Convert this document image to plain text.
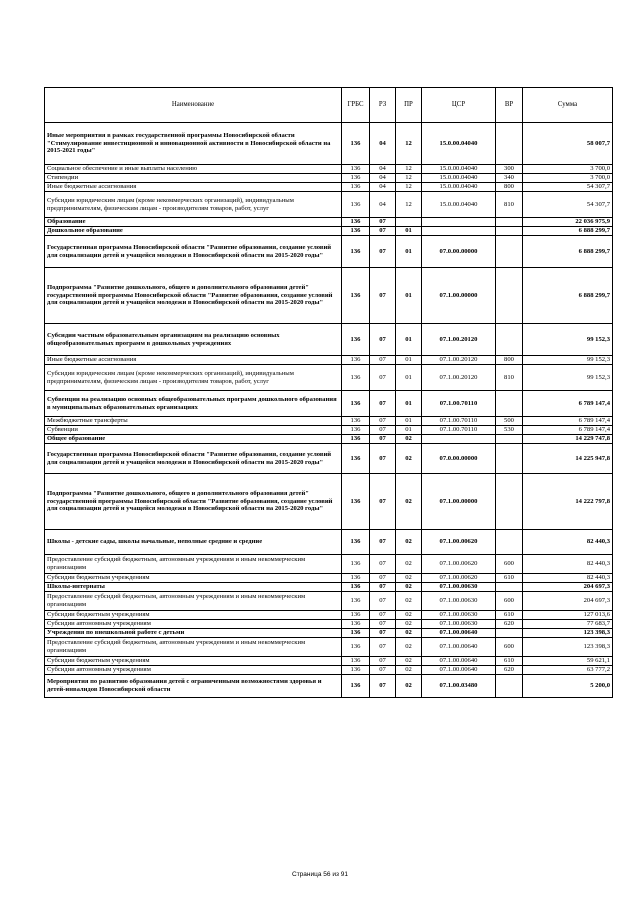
Наименование	ГРБС	РЗ	ПР	ЦСР	ВР	Сумма
Иные мероприятия в рамках государственной программы Новосибирской области "Стимулирование инвестиционной и инновационной активности в Новосибирской области на 2015-2021 годы"	136	04	12	15.0.00.04040		58 007,7
Социальное обеспечение и иные выплаты населению	136	04	12	15.0.00.04040	300	3 700,0
Стипендии	136	04	12	15.0.00.04040	340	3 700,0
Иные бюджетные ассигнования	136	04	12	15.0.00.04040	800	54 307,7
Субсидии юридическим лицам (кроме некоммерческих организаций), индивидуальным предпринимателям, физическим лицам - производителям товаров, работ, услуг	136	04	12	15.0.00.04040	810	54 307,7
Образование	136	07				22 036 975,9
Дошкольное образование	136	07	01			6 888 299,7
Государственная программа Новосибирской области "Развитие образования, создание условий для социализации детей и учащейся молодежи в Новосибирской области на 2015-2020 годы"	136	07	01	07.0.00.00000		6 888 299,7
Подпрограмма "Развитие дошкольного, общего и дополнительного образования детей" государственной программы Новосибирской области "Развитие образования, создание условий для социализации детей и учащейся молодежи в Новосибирской области на 2015-2020 годы"	136	07	01	07.1.00.00000		6 888 299,7
Субсидии частным образовательным организациям на реализацию основных общеобразовательных программ в дошкольных учреждениях	136	07	01	07.1.00.20120		99 152,3
Иные бюджетные ассигнования	136	07	01	07.1.00.20120	800	99 152,3
Субсидии юридическим лицам (кроме некоммерческих организаций), индивидуальным предпринимателям, физическим лицам - производителям товаров, работ, услуг	136	07	01	07.1.00.20120	810	99 152,3
Субвенции на реализацию основных общеобразовательных программ дошкольного образования в муниципальных образовательных организациях	136	07	01	07.1.00.70110		6 789 147,4
Межбюджетные трансферты	136	07	01	07.1.00.70110	500	6 789 147,4
Субвенции	136	07	01	07.1.00.70110	530	6 789 147,4
Общее образование	136	07	02			14 229 747,8
Государственная программа Новосибирской области "Развитие образования, создание условий для социализации детей и учащейся молодежи в Новосибирской области на 2015-2020 годы"	136	07	02	07.0.00.00000		14 225 947,8
Подпрограмма "Развитие дошкольного, общего и дополнительного образования детей" государственной программы Новосибирской области "Развитие образования, создание условий для социализации детей и учащейся молодежи в Новосибирской области на 2015-2020 годы"	136	07	02	07.1.00.00000		14 222 797,8
Школы - детские сады, школы начальные, неполные средние и средние	136	07	02	07.1.00.00620		82 440,3
Предоставление субсидий бюджетным, автономным учреждениям и иным некоммерческим организациям	136	07	02	07.1.00.00620	600	82 440,3
Субсидии бюджетным учреждениям	136	07	02	07.1.00.00620	610	82 440,3
Школы-интернаты	136	07	02	07.1.00.00630		204 697,3
Предоставление субсидий бюджетным, автономным учреждениям и иным некоммерческим организациям	136	07	02	07.1.00.00630	600	204 697,3
Субсидии бюджетным учреждениям	136	07	02	07.1.00.00630	610	127 013,6
Субсидии автономным учреждениям	136	07	02	07.1.00.00630	620	77 683,7
Учреждения по внешкольной работе с детьми	136	07	02	07.1.00.00640		123 398,3
Предоставление субсидий бюджетным, автономным учреждениям и иным некоммерческим организациям	136	07	02	07.1.00.00640	600	123 398,3
Субсидии бюджетным учреждениям	136	07	02	07.1.00.00640	610	59 621,1
Субсидии автономным учреждениям	136	07	02	07.1.00.00640	620	63 777,2
Мероприятия по развитию образования детей с ограниченными возможностями здоровья и детей-инвалидов Новосибирской области	136	07	02	07.1.00.03480		5 200,0
Страница 56 из 91
